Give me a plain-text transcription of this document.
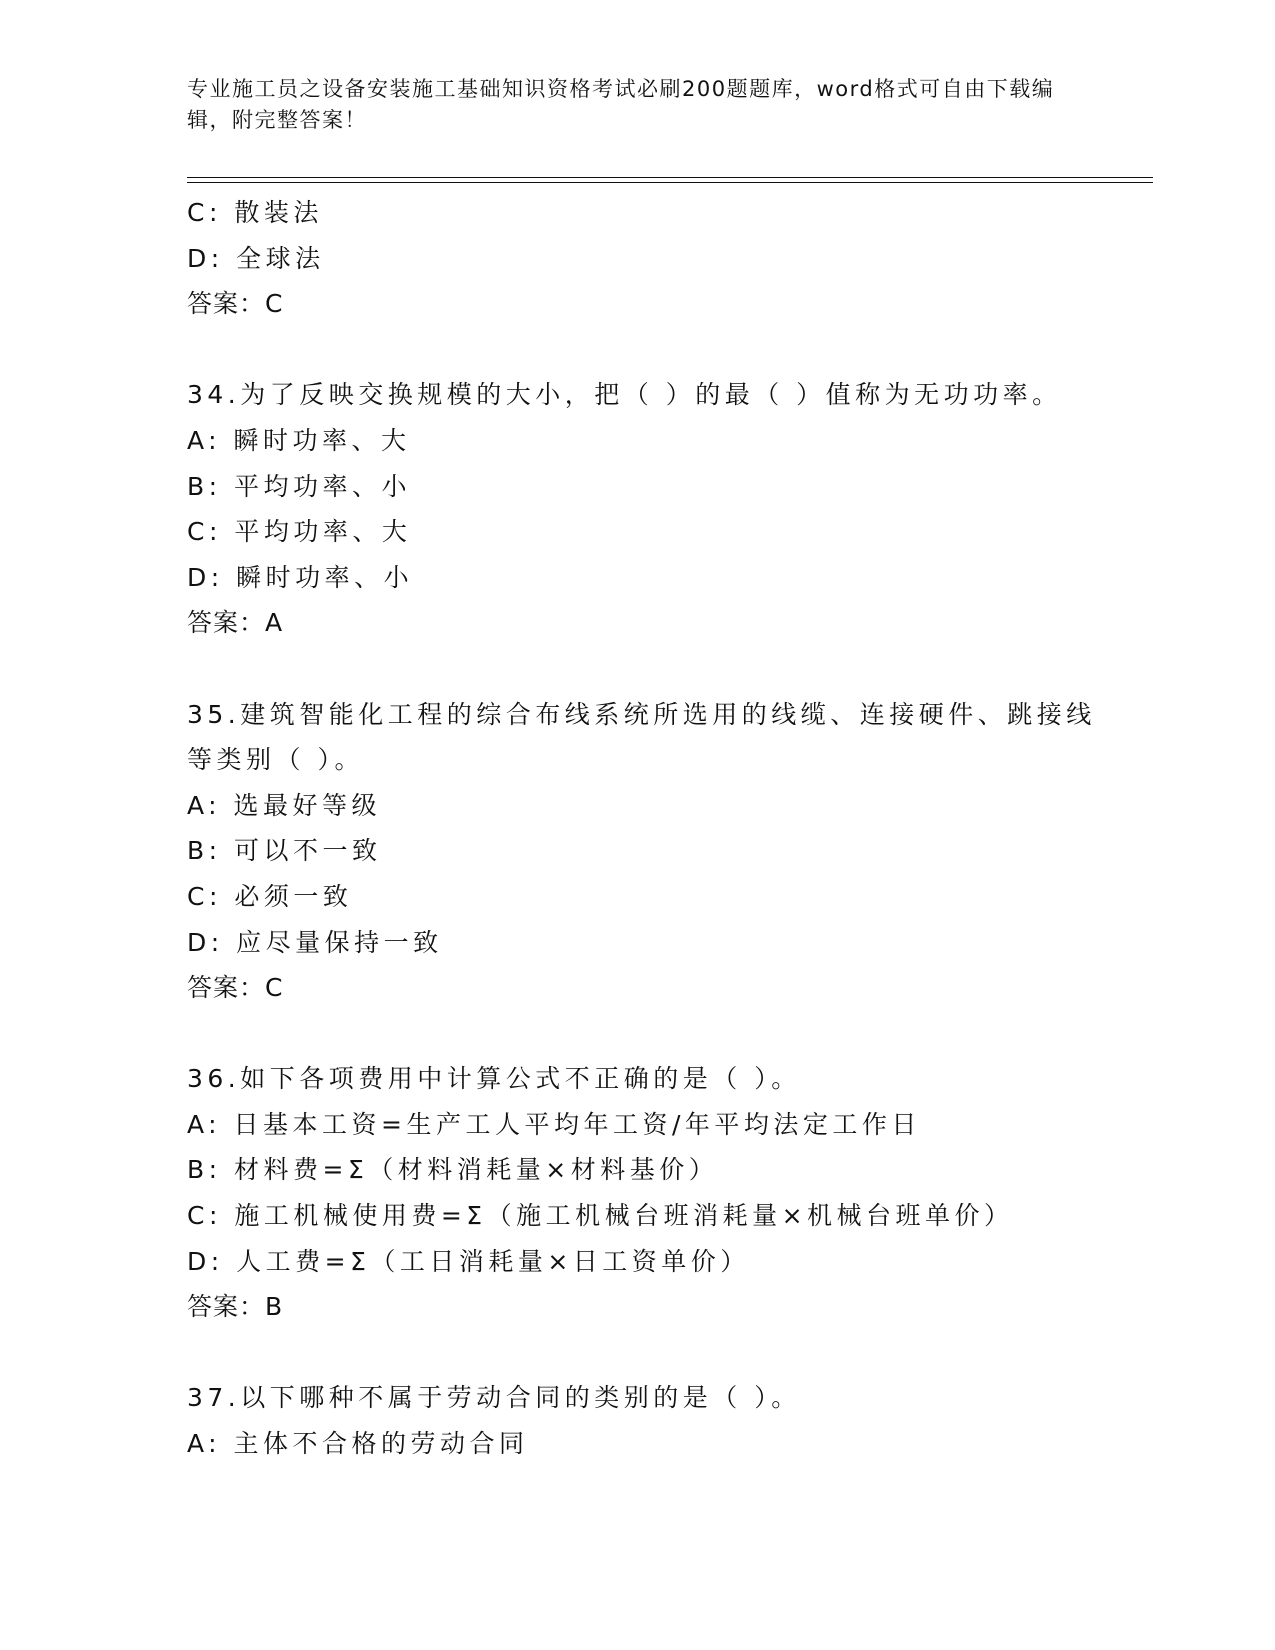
专业施工员之设备安装施工基础知识资格考试必刷200题题库，word格式可自由下载编辑，附完整答案！
C: 散装法
D: 全球法
答案：C
34.为了反映交换规模的大小，把（ ）的最（ ）值称为无功功率。
A: 瞬时功率、大
B: 平均功率、小
C: 平均功率、大
D: 瞬时功率、小
答案：A
35.建筑智能化工程的综合布线系统所选用的线缆、连接硬件、跳接线
等类别（ ）。
A: 选最好等级
B: 可以不一致
C: 必须一致
D: 应尽量保持一致
答案：C
36.如下各项费用中计算公式不正确的是（ ）。
A: 日基本工资=生产工人平均年工资/年平均法定工作日
B: 材料费=Σ（材料消耗量×材料基价）
C: 施工机械使用费=Σ（施工机械台班消耗量×机械台班单价）
D: 人工费=Σ（工日消耗量×日工资单价）
答案：B
37.以下哪种不属于劳动合同的类别的是（ ）。
A: 主体不合格的劳动合同
